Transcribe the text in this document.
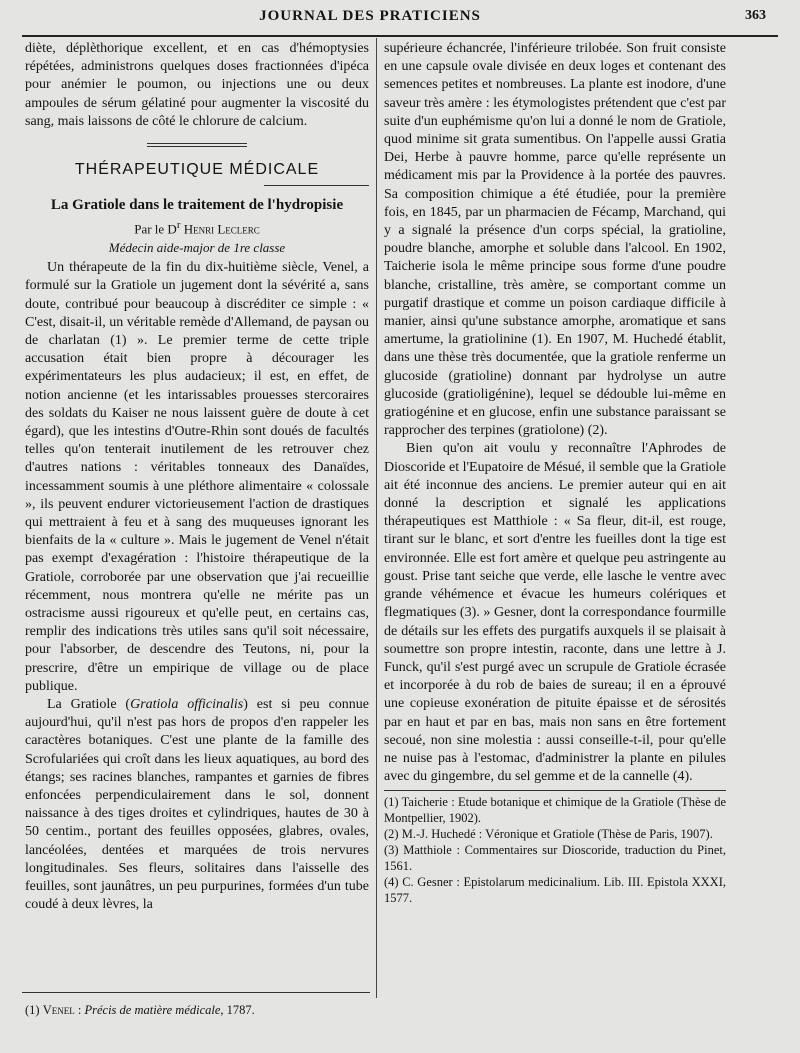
JOURNAL DES PRATICIENS	363

diète, déplèthorique excellent, et en cas d'hémoptysies répétées, administrons quelques doses fractionnées d'ipéca pour anémier le poumon, ou injections une ou deux ampoules de sérum gélatiné pour augmenter la viscosité du sang, mais laissons de côté le chlorure de calcium.

THÉRAPEUTIQUE MÉDICALE
La Gratiole dans le traitement de l'hydropisie
Par le $D^r$ Henri Leclerc
Médecin aide-major de 1re classe

Un thérapeute de la fin du dix-huitième siècle, Venel, a formulé sur la Gratiole un jugement dont la sévérité a, sans doute, contribué pour beaucoup à discréditer ce simple : « C'est, disait-il, un véritable remède d'Allemand, de paysan ou de charlatan (1) ». Le premier terme de cette triple accusation était bien propre à décourager les expérimentateurs les plus audacieux; il est, en effet, de notion ancienne (et les intarissables prouesses stercoraires des soldats du Kaiser ne nous laissent guère de doute à cet égard), que les intestins d'Outre-Rhin sont doués de facultés telles qu'on tenterait inutilement de les retrouver chez d'autres nations : véritables tonneaux des Danaïdes, incessamment soumis à une pléthore alimentaire « colossale », ils peuvent endurer victorieusement l'action de drastiques qui mettraient à feu et à sang des muqueuses ignorant les bienfaits de la « culture ». Mais le jugement de Venel n'était pas exempt d'exagération : l'histoire thérapeutique de la Gratiole, corroborée par une observation que j'ai recueillie récemment, nous montrera qu'elle ne mérite pas un ostracisme aussi rigoureux et qu'elle peut, en certains cas, remplir des indications très utiles sans qu'il soit nécessaire, pour l'absorber, de descendre des Teutons, ni, pour la prescrire, d'être un empirique de village ou de place publique.

La Gratiole (Gratiola officinalis) est si peu connue aujourd'hui, qu'il n'est pas hors de propos d'en rappeler les caractères botaniques. C'est une plante de la famille des Scrofulariées qui croît dans les lieux aquatiques, au bord des étangs; ses racines blanches, rampantes et garnies de fibres enfoncées perpendiculairement dans le sol, donnent naissance à des tiges droites et cylindriques, hautes de 30 à 50 centim., portant des feuilles opposées, glabres, ovales, lancéolées, dentées et marquées de trois nervures longitudinales. Ses fleurs, solitaires dans l'aisselle des feuilles, sont jaunâtres, un peu purpurines, formées d'un tube coudé à deux lèvres, la

(1) Venel : Précis de matière médicale, 1787.

supérieure échancrée, l'inférieure trilobée. Son fruit consiste en une capsule ovale divisée en deux loges et contenant des semences petites et nombreuses. La plante est inodore, d'une saveur très amère : les étymologistes prétendent que c'est par suite d'un euphémisme qu'on lui a donné le nom de Gratiole, quod minime sit grata sumentibus. On l'appelle aussi Gratia Dei, Herbe à pauvre homme, parce qu'elle représente un médicament mis par la Providence à la portée des pauvres. Sa composition chimique a été étudiée, pour la première fois, en 1845, par un pharmacien de Fécamp, Marchand, qui y a signalé la présence d'un corps spécial, la gratioline, poudre blanche, amorphe et soluble dans l'alcool. En 1902, Taicherie isola le même principe sous forme d'une poudre blanche, cristalline, très amère, se comportant comme un purgatif drastique et comme un poison cardiaque difficile à manier, ainsi qu'une substance amorphe, aromatique et sans amertume, la gratiolinine (1). En 1907, M. Huchedé établit, dans une thèse très documentée, que la gratiole renferme un glucoside (gratioline) donnant par hydrolyse un autre glucoside (gratioligénine), lequel se dédouble lui-même en gratiogénine et en glucose, enfin une substance paraissant se rapprocher des terpines (gratiolone) (2).

Bien qu'on ait voulu y reconnaître l'Aphrodes de Dioscoride et l'Eupatoire de Mésué, il semble que la Gratiole ait été inconnue des anciens. Le premier auteur qui en ait donné la description et signalé les applications thérapeutiques est Matthiole : « Sa fleur, dit-il, est rouge, tirant sur le blanc, et sort d'entre les fueilles dont la tige est environnée. Elle est fort amère et quelque peu astringente au goust. Prise tant seiche que verde, elle lasche le ventre avec grande véhémence et évacue les humeurs colériques et flegmatiques (3). » Gesner, dont la correspondance fourmille de détails sur les effets des purgatifs auxquels il se plaisait à soumettre son propre intestin, raconte, dans une lettre à J. Funck, qu'il s'est purgé avec un scrupule de Gratiole écrasée et incorporée à du rob de baies de sureau; il en a éprouvé une copieuse exonération de pituite épaisse et de sérosités par en haut et par en bas, mais non sans en être fortement secoué, non sine molestia : aussi conseille-t-il, pour qu'elle ne nuise pas à l'estomac, d'administrer la plante en pilules avec du gingembre, du sel gemme et de la cannelle (4).

(1) Taicherie : Etude botanique et chimique de la Gratiole (Thèse de Montpellier, 1902).

(2) M.-J. Huchedé : Véronique et Gratiole (Thèse de Paris, 1907).

(3) Matthiole : Commentaires sur Dioscoride, traduction du Pinet, 1561.

(4) C. Gesner : Epistolarum medicinalium. Lib. III. Epistola XXXI, 1577.
